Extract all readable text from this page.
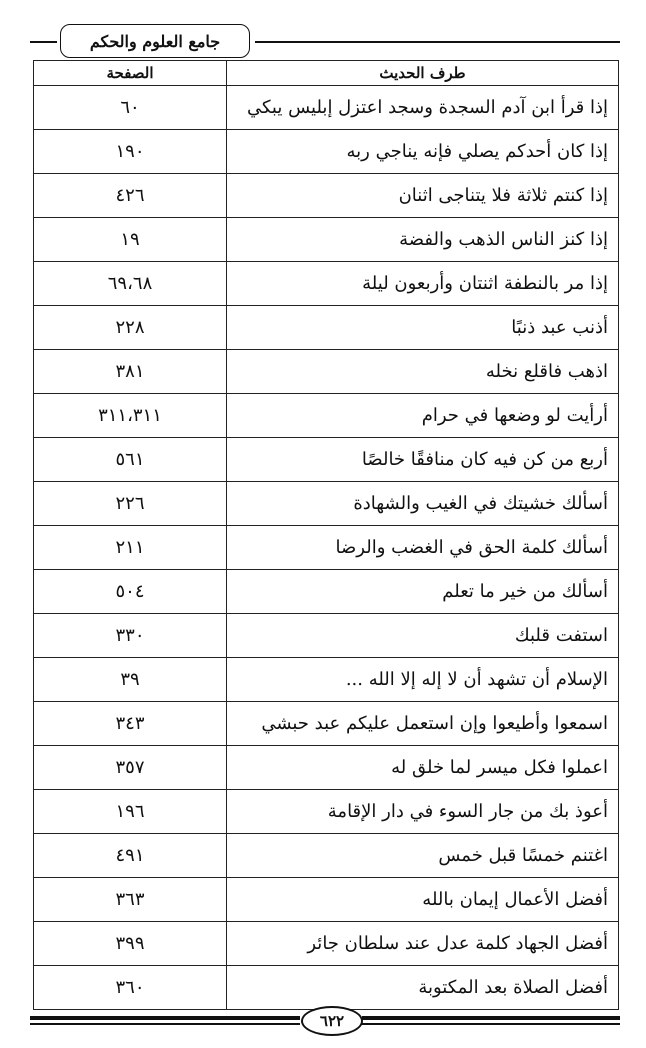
جامع العلوم والحكم
طرف الحديث	الصفحة
إذا قرأ ابن آدم السجدة وسجد اعتزل إبليس يبكي	٦٠
إذا كان أحدكم يصلي فإنه يناجي ربه	١٩٠
إذا كنتم ثلاثة فلا يتناجى اثنان	٤٢٦
إذا كنز الناس الذهب والفضة	١٩
إذا مر بالنطفة اثنتان وأربعون ليلة	٦٩،٦٨
أذنب عبد ذنبًا	٢٢٨
اذهب فاقلع نخله	٣٨١
أرأيت لو وضعها في حرام	٣١١،٣١١
أربع من كن فيه كان منافقًا خالصًا	٥٦١
أسألك خشيتك في الغيب والشهادة	٢٢٦
أسألك كلمة الحق في الغضب والرضا	٢١١
أسألك من خير ما تعلم	٥٠٤
استفت قلبك	٣٣٠
الإسلام أن تشهد أن لا إله إلا الله ...	٣٩
اسمعوا وأطيعوا وإن استعمل عليكم عبد حبشي	٣٤٣
اعملوا فكل ميسر لما خلق له	٣٥٧
أعوذ بك من جار السوء في دار الإقامة	١٩٦
اغتنم خمسًا قبل خمس	٤٩١
أفضل الأعمال إيمان بالله	٣٦٣
أفضل الجهاد كلمة عدل عند سلطان جائر	٣٩٩
أفضل الصلاة بعد المكتوبة	٣٦٠
٦٢٢
